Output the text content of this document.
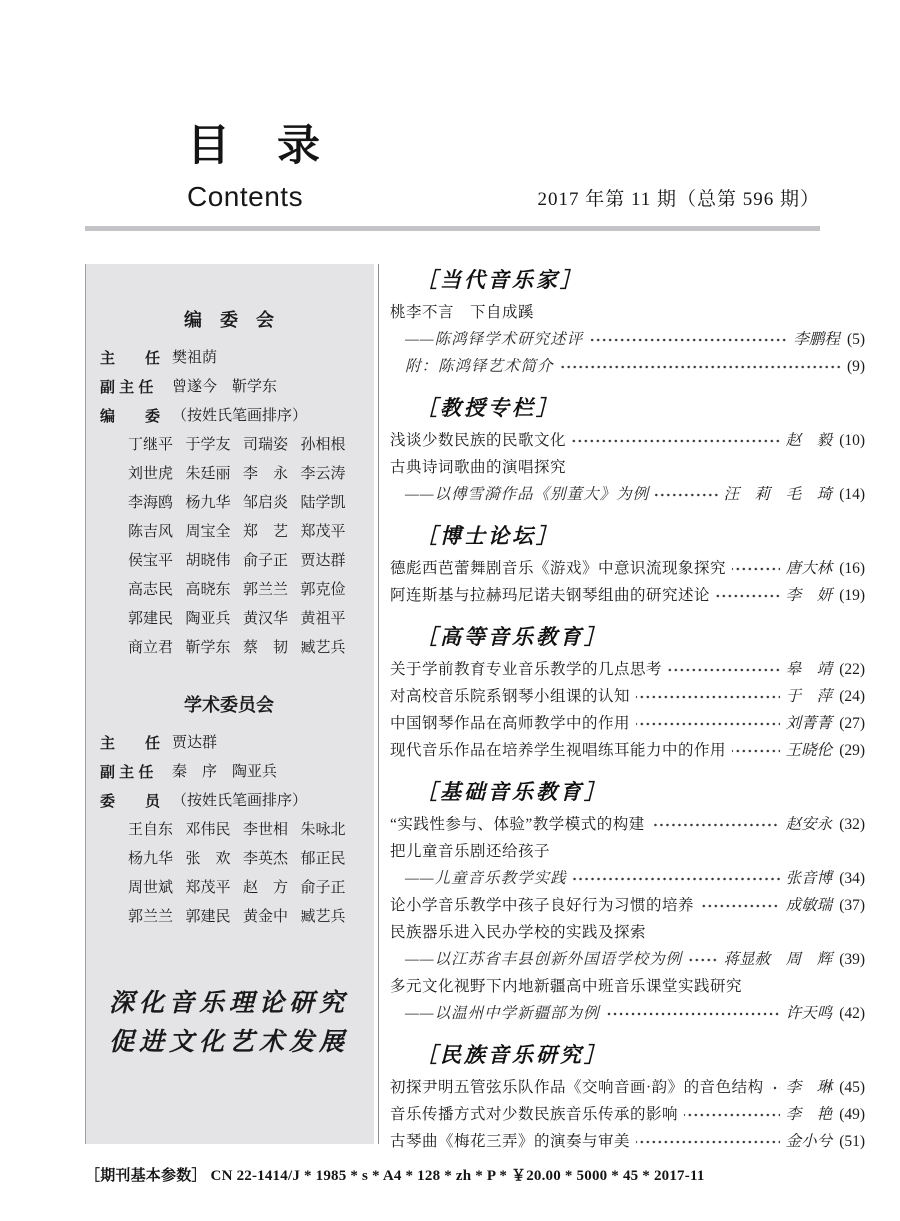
目　录
Contents	2017 年第 11 期（总第 596 期）
编　委　会
主　　任 樊祖荫
副 主 任	曾遂今　靳学东
编　　委 （按姓氏笔画排序）
丁继平 于学友 司瑞姿 孙相根
刘世虎 朱廷丽 李　永 李云涛
李海鸥 杨九华 邹启炎 陆学凯
陈吉风 周宝全 郑　艺 郑茂平
侯宝平 胡晓伟 俞子正 贾达群
高志民 高晓东 郭兰兰 郭克俭
郭建民 陶亚兵 黄汉华 黄祖平
商立君 靳学东 蔡　韧 臧艺兵
学术委员会
主　　任 贾达群
副 主 任	秦　序　陶亚兵
委　　员 （按姓氏笔画排序）
王自东 邓伟民 李世相 朱咏北
杨九华 张　欢 李英杰 郁正民
周世斌 郑茂平 赵　方 俞子正
郭兰兰 郭建民 黄金中 臧艺兵
深化音乐理论研究
促进文化艺术发展
［当代音乐家］
桃李不言　下自成蹊
——陈鸿铎学术研究述评	李鹏程 (5)
附：陈鸿铎艺术简介	(9)
［教授专栏］
浅谈少数民族的民歌文化	赵　毅 (10)
古典诗词歌曲的演唱探究
——以傅雪漪作品《别董大》为例	汪　莉　毛　琦 (14)
［博士论坛］
德彪西芭蕾舞剧音乐《游戏》中意识流现象探究	唐大林 (16)
阿连斯基与拉赫玛尼诺夫钢琴组曲的研究述论	李　妍 (19)
［高等音乐教育］
关于学前教育专业音乐教学的几点思考	皋　靖 (22)
对高校音乐院系钢琴小组课的认知	于　萍 (24)
中国钢琴作品在高师教学中的作用	刘菁菁 (27)
现代音乐作品在培养学生视唱练耳能力中的作用	王晓伦 (29)
［基础音乐教育］
“实践性参与、体验”教学模式的构建	赵安永 (32)
把儿童音乐剧还给孩子
——儿童音乐教学实践	张音博 (34)
论小学音乐教学中孩子良好行为习惯的培养	成敏瑞 (37)
民族器乐进入民办学校的实践及探索
——以江苏省丰县创新外国语学校为例	蒋显赦　周　辉 (39)
多元文化视野下内地新疆高中班音乐课堂实践研究
——以温州中学新疆部为例	许天鸣 (42)
［民族音乐研究］
初探尹明五管弦乐队作品《交响音画·韵》的音色结构 李　琳 (45)
音乐传播方式对少数民族音乐传承的影响	李　艳 (49)
古琴曲《梅花三弄》的演奏与审美	金小兮 (51)
［期刊基本参数］ CN 22-1414/J * 1985 * s * A4 * 128 * zh * P * ￥20.00 * 5000 * 45 * 2017-11
